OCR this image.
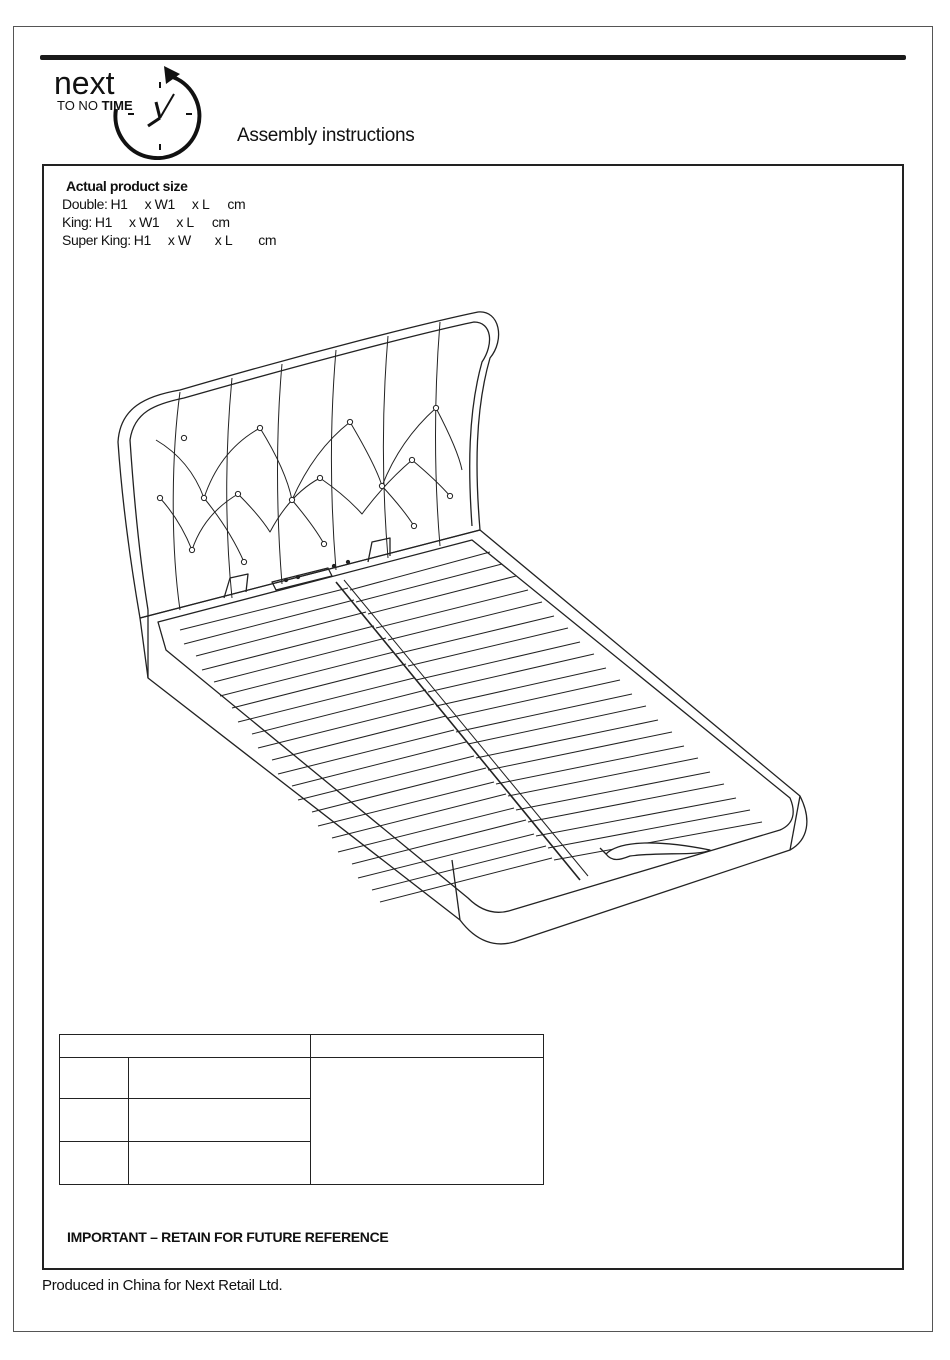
next
TO NO TIME
Assembly instructions
Actual product size
Double: H1 x W1 x L cm
King: H1 x W1 x L cm
Super King: H1 x W x L cm

IMPORTANT – RETAIN FOR FUTURE REFERENCE
Produced in China for Next Retail Ltd.
